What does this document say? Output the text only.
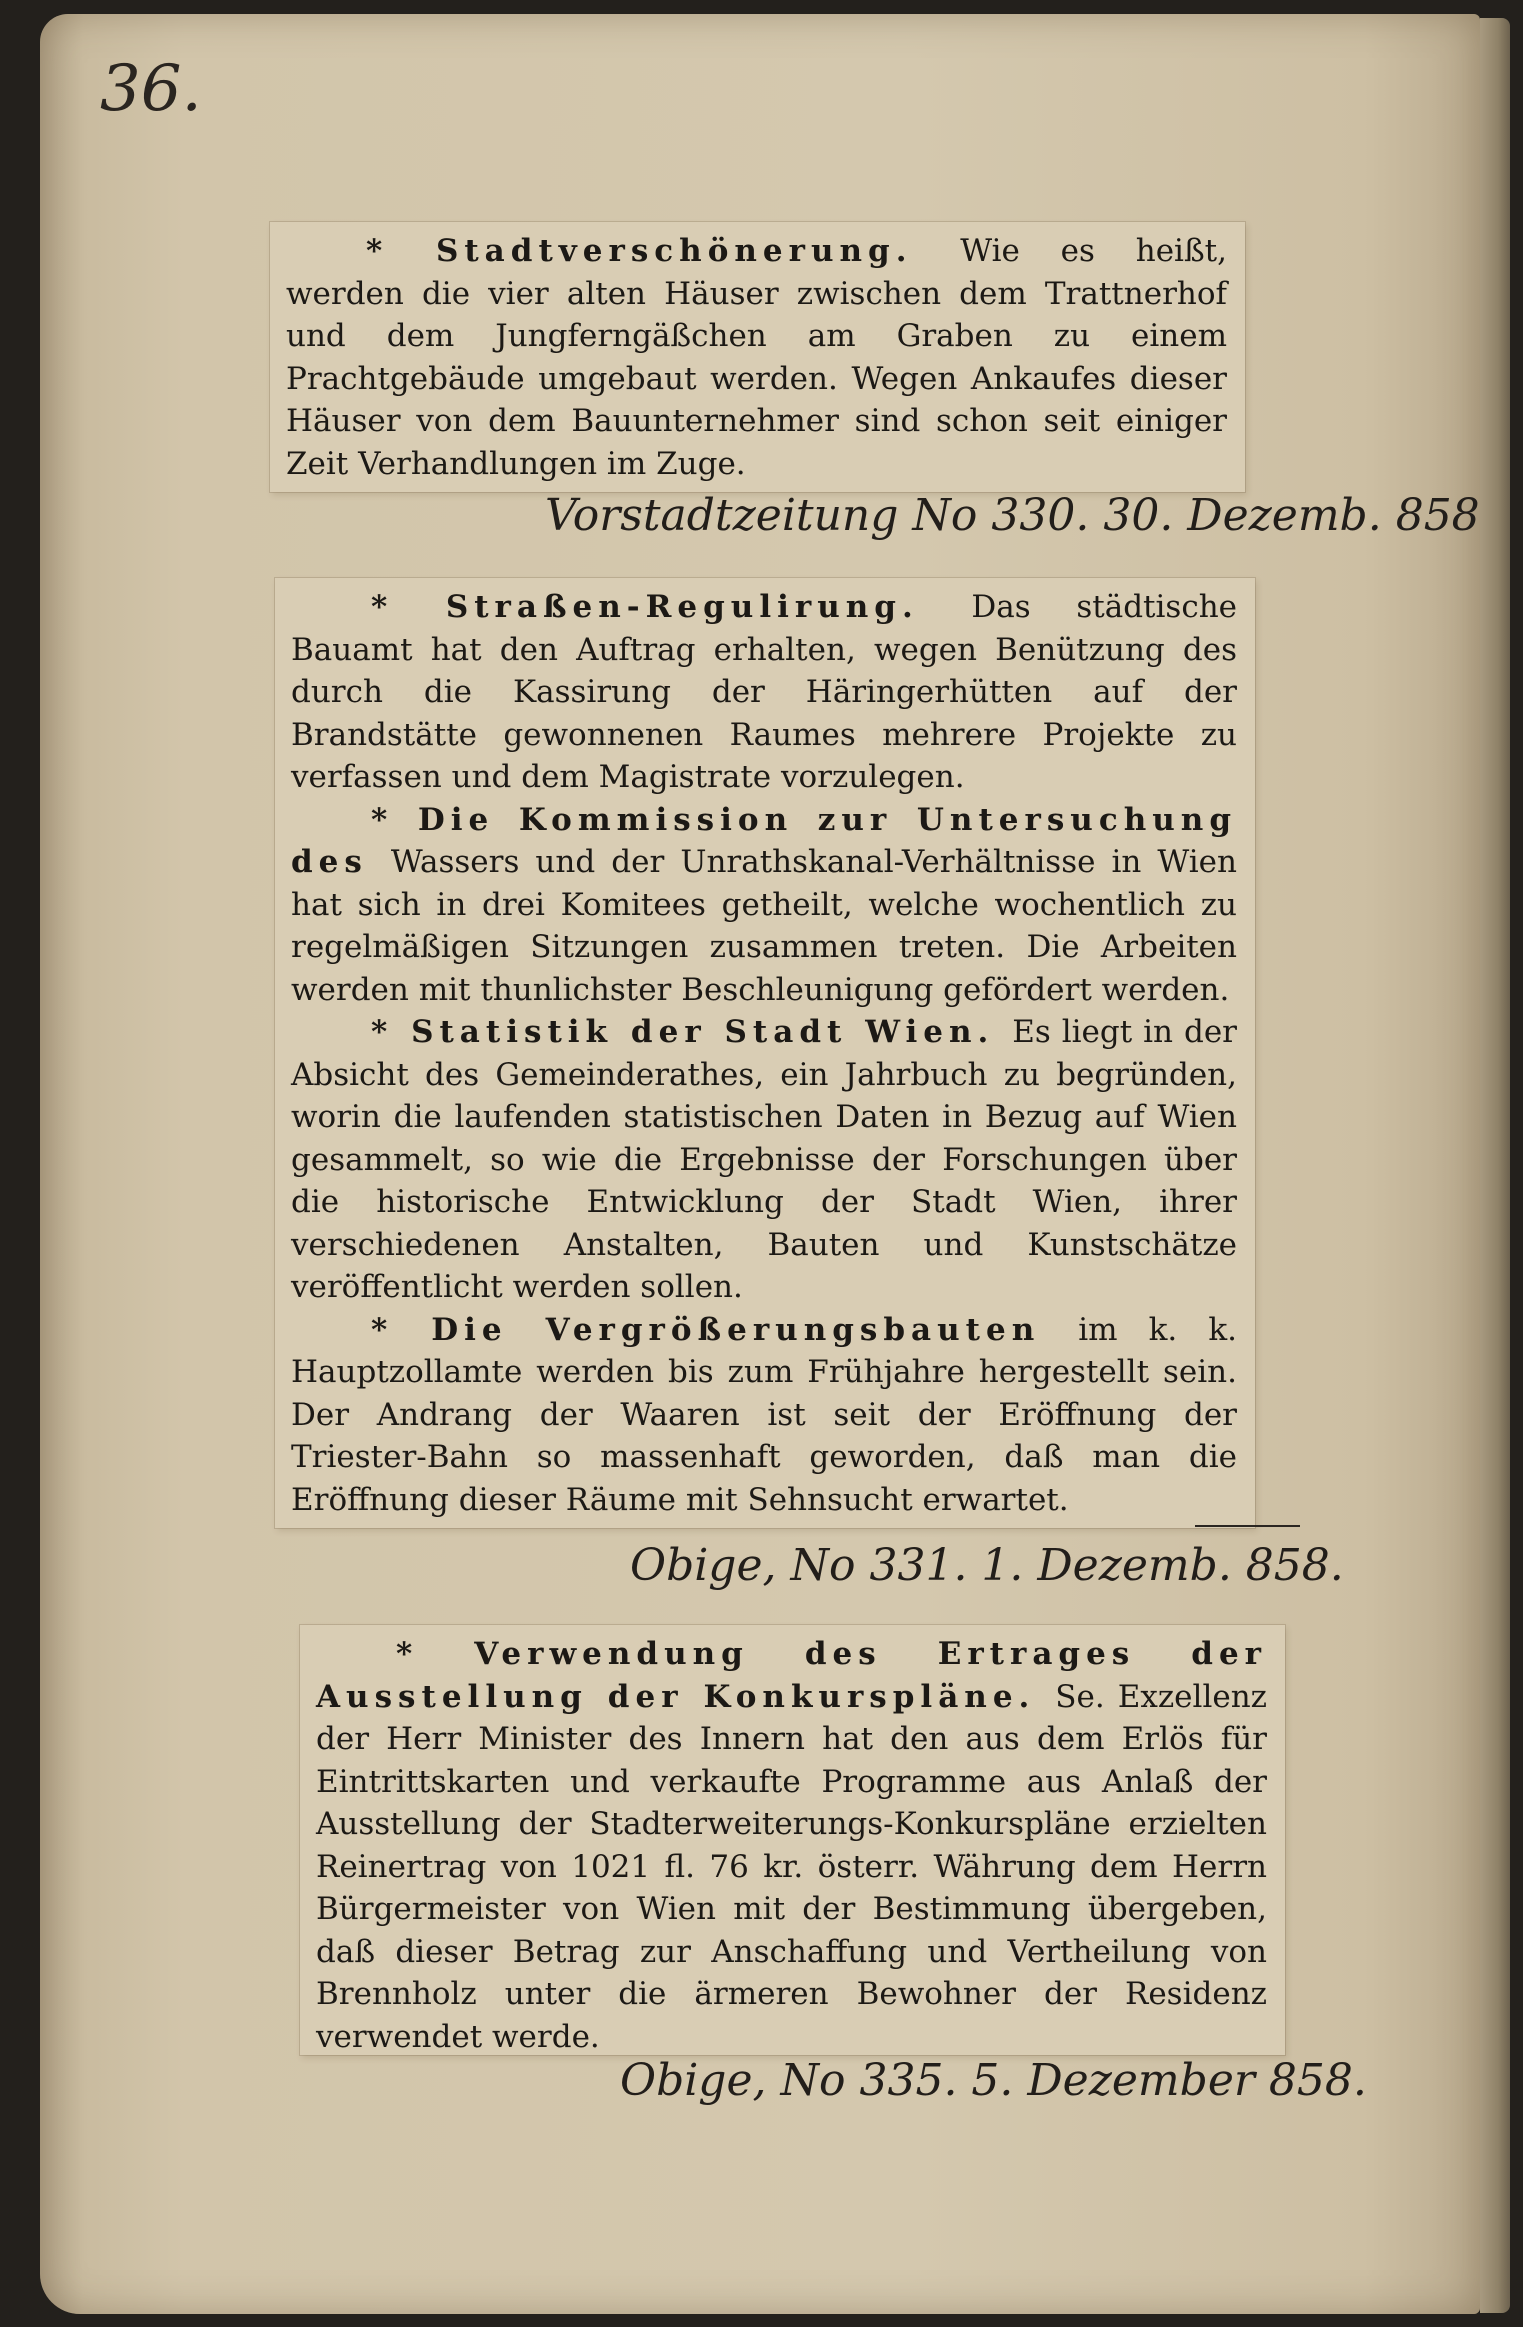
36.

* Stadtverschönerung. Wie es heißt, werden die vier alten Häuser zwischen dem Trattnerhof und dem Jungferngäßchen am Graben zu einem Prachtgebäude umgebaut werden. Wegen Ankaufes dieser Häuser von dem Bauunternehmer sind schon seit einiger Zeit Verhandlungen im Zuge.

Vorstadtzeitung No 330. 30. Dezemb. 858

* Straßen-Regulirung. Das städtische Bauamt hat den Auftrag erhalten, wegen Benützung des durch die Kassirung der Häringerhütten auf der Brandstätte gewonnenen Raumes mehrere Projekte zu verfassen und dem Magistrate vorzulegen.

* Die Kommission zur Untersuchung des Wassers und der Unrathskanal-Verhältnisse in Wien hat sich in drei Komitees getheilt, welche wochentlich zu regelmäßigen Sitzungen zusammen treten. Die Arbeiten werden mit thunlichster Beschleunigung gefördert werden.

* Statistik der Stadt Wien. Es liegt in der Absicht des Gemeinderathes, ein Jahrbuch zu begründen, worin die laufenden statistischen Daten in Bezug auf Wien gesammelt, so wie die Ergebnisse der Forschungen über die historische Entwicklung der Stadt Wien, ihrer verschiedenen Anstalten, Bauten und Kunstschätze veröffentlicht werden sollen.

* Die Vergrößerungsbauten im k. k. Hauptzollamte werden bis zum Frühjahre hergestellt sein. Der Andrang der Waaren ist seit der Eröffnung der Triester-Bahn so massenhaft geworden, daß man die Eröffnung dieser Räume mit Sehnsucht erwartet.

Obige, No 331. 1. Dezemb. 858.

* Verwendung des Ertrages der Ausstellung der Konkurspläne. Se. Exzellenz der Herr Minister des Innern hat den aus dem Erlös für Eintrittskarten und verkaufte Programme aus Anlaß der Ausstellung der Stadterweiterungs-Konkurspläne erzielten Reinertrag von 1021 fl. 76 kr. österr. Währung dem Herrn Bürgermeister von Wien mit der Bestimmung übergeben, daß dieser Betrag zur Anschaffung und Vertheilung von Brennholz unter die ärmeren Bewohner der Residenz verwendet werde.

Obige, No 335. 5. Dezember 858.
